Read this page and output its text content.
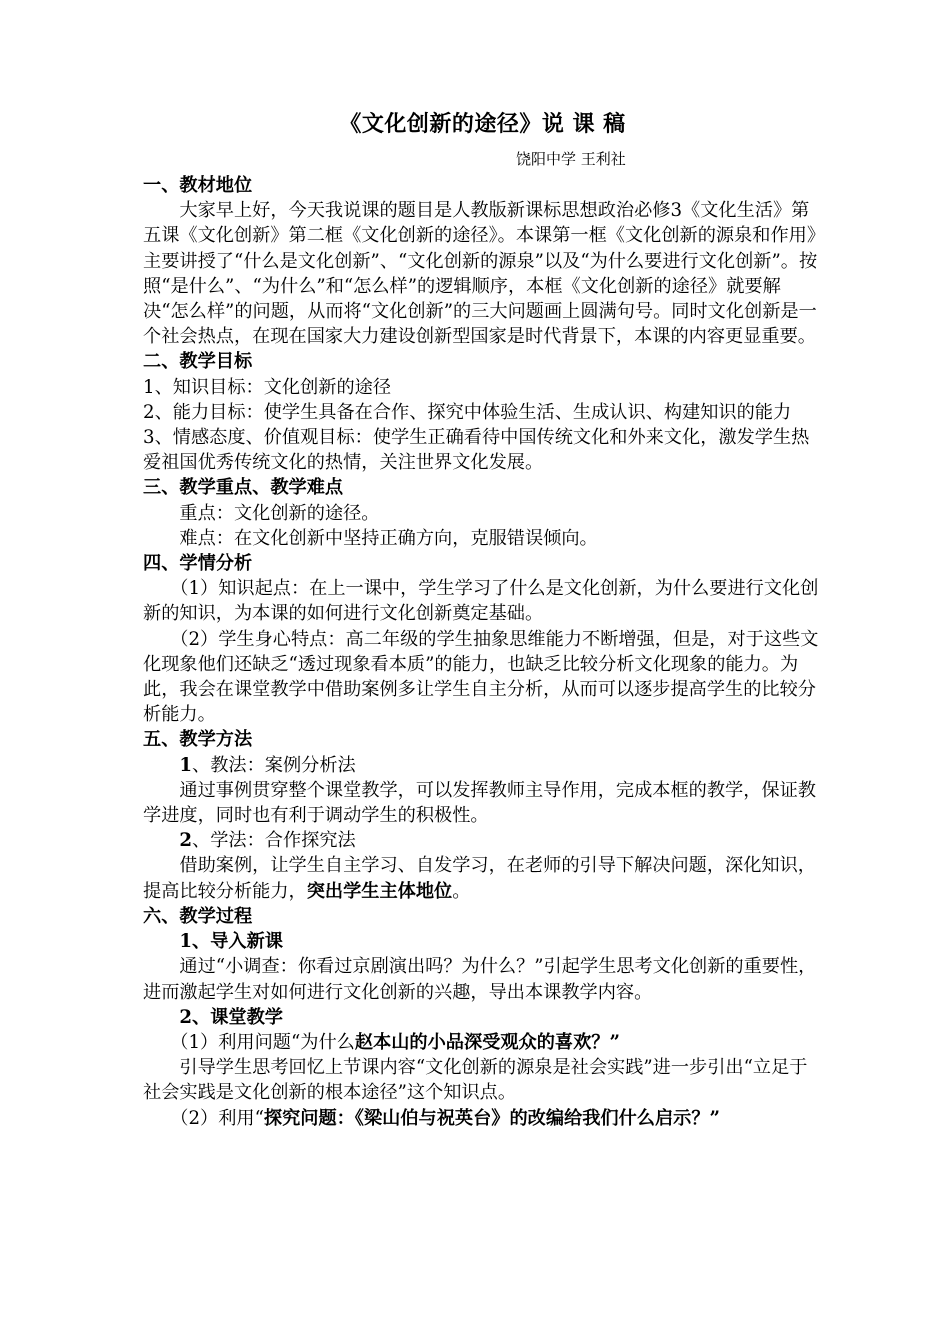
《文化创新的途径》说 课 稿
饶阳中学 王利社

一、教材地位

大家早上好，今天我说课的题目是人教版新课标思想政治必修3《文化生活》第五课《文化创新》第二框《文化创新的途径》。本课第一框《文化创新的源泉和作用》主要讲授了“什么是文化创新”、“文化创新的源泉”以及“为什么要进行文化创新”。按照“是什么”、“为什么”和“怎么样”的逻辑顺序，本框《文化创新的途径》就要解决“怎么样”的问题，从而将“文化创新”的三大问题画上圆满句号。同时文化创新是一个社会热点，在现在国家大力建设创新型国家是时代背景下，本课的内容更显重要。

二、教学目标

1、知识目标：文化创新的途径

2、能力目标：使学生具备在合作、探究中体验生活、生成认识、构建知识的能力

3、情感态度、价值观目标：使学生正确看待中国传统文化和外来文化，激发学生热爱祖国优秀传统文化的热情，关注世界文化发展。

三、教学重点、教学难点

重点：文化创新的途径。

难点：在文化创新中坚持正确方向，克服错误倾向。

四、学情分析

（1）知识起点：在上一课中，学生学习了什么是文化创新，为什么要进行文化创新的知识，为本课的如何进行文化创新奠定基础。

（2）学生身心特点：高二年级的学生抽象思维能力不断增强，但是，对于这些文化现象他们还缺乏“透过现象看本质”的能力，也缺乏比较分析文化现象的能力。为此，我会在课堂教学中借助案例多让学生自主分析，从而可以逐步提高学生的比较分析能力。

五、教学方法

1、教法：案例分析法

通过事例贯穿整个课堂教学，可以发挥教师主导作用，完成本框的教学，保证教学进度，同时也有利于调动学生的积极性。

2、学法：合作探究法

借助案例，让学生自主学习、自发学习，在老师的引导下解决问题，深化知识，提高比较分析能力，突出学生主体地位。

六、教学过程

1、导入新课

通过“小调查：你看过京剧演出吗？为什么？”引起学生思考文化创新的重要性，进而激起学生对如何进行文化创新的兴趣，导出本课教学内容。

2、课堂教学

（1）利用问题“为什么赵本山的小品深受观众的喜欢？”

引导学生思考回忆上节课内容“文化创新的源泉是社会实践”进一步引出“立足于社会实践是文化创新的根本途径”这个知识点。

（2）利用“探究问题：《梁山伯与祝英台》的改编给我们什么启示？”
